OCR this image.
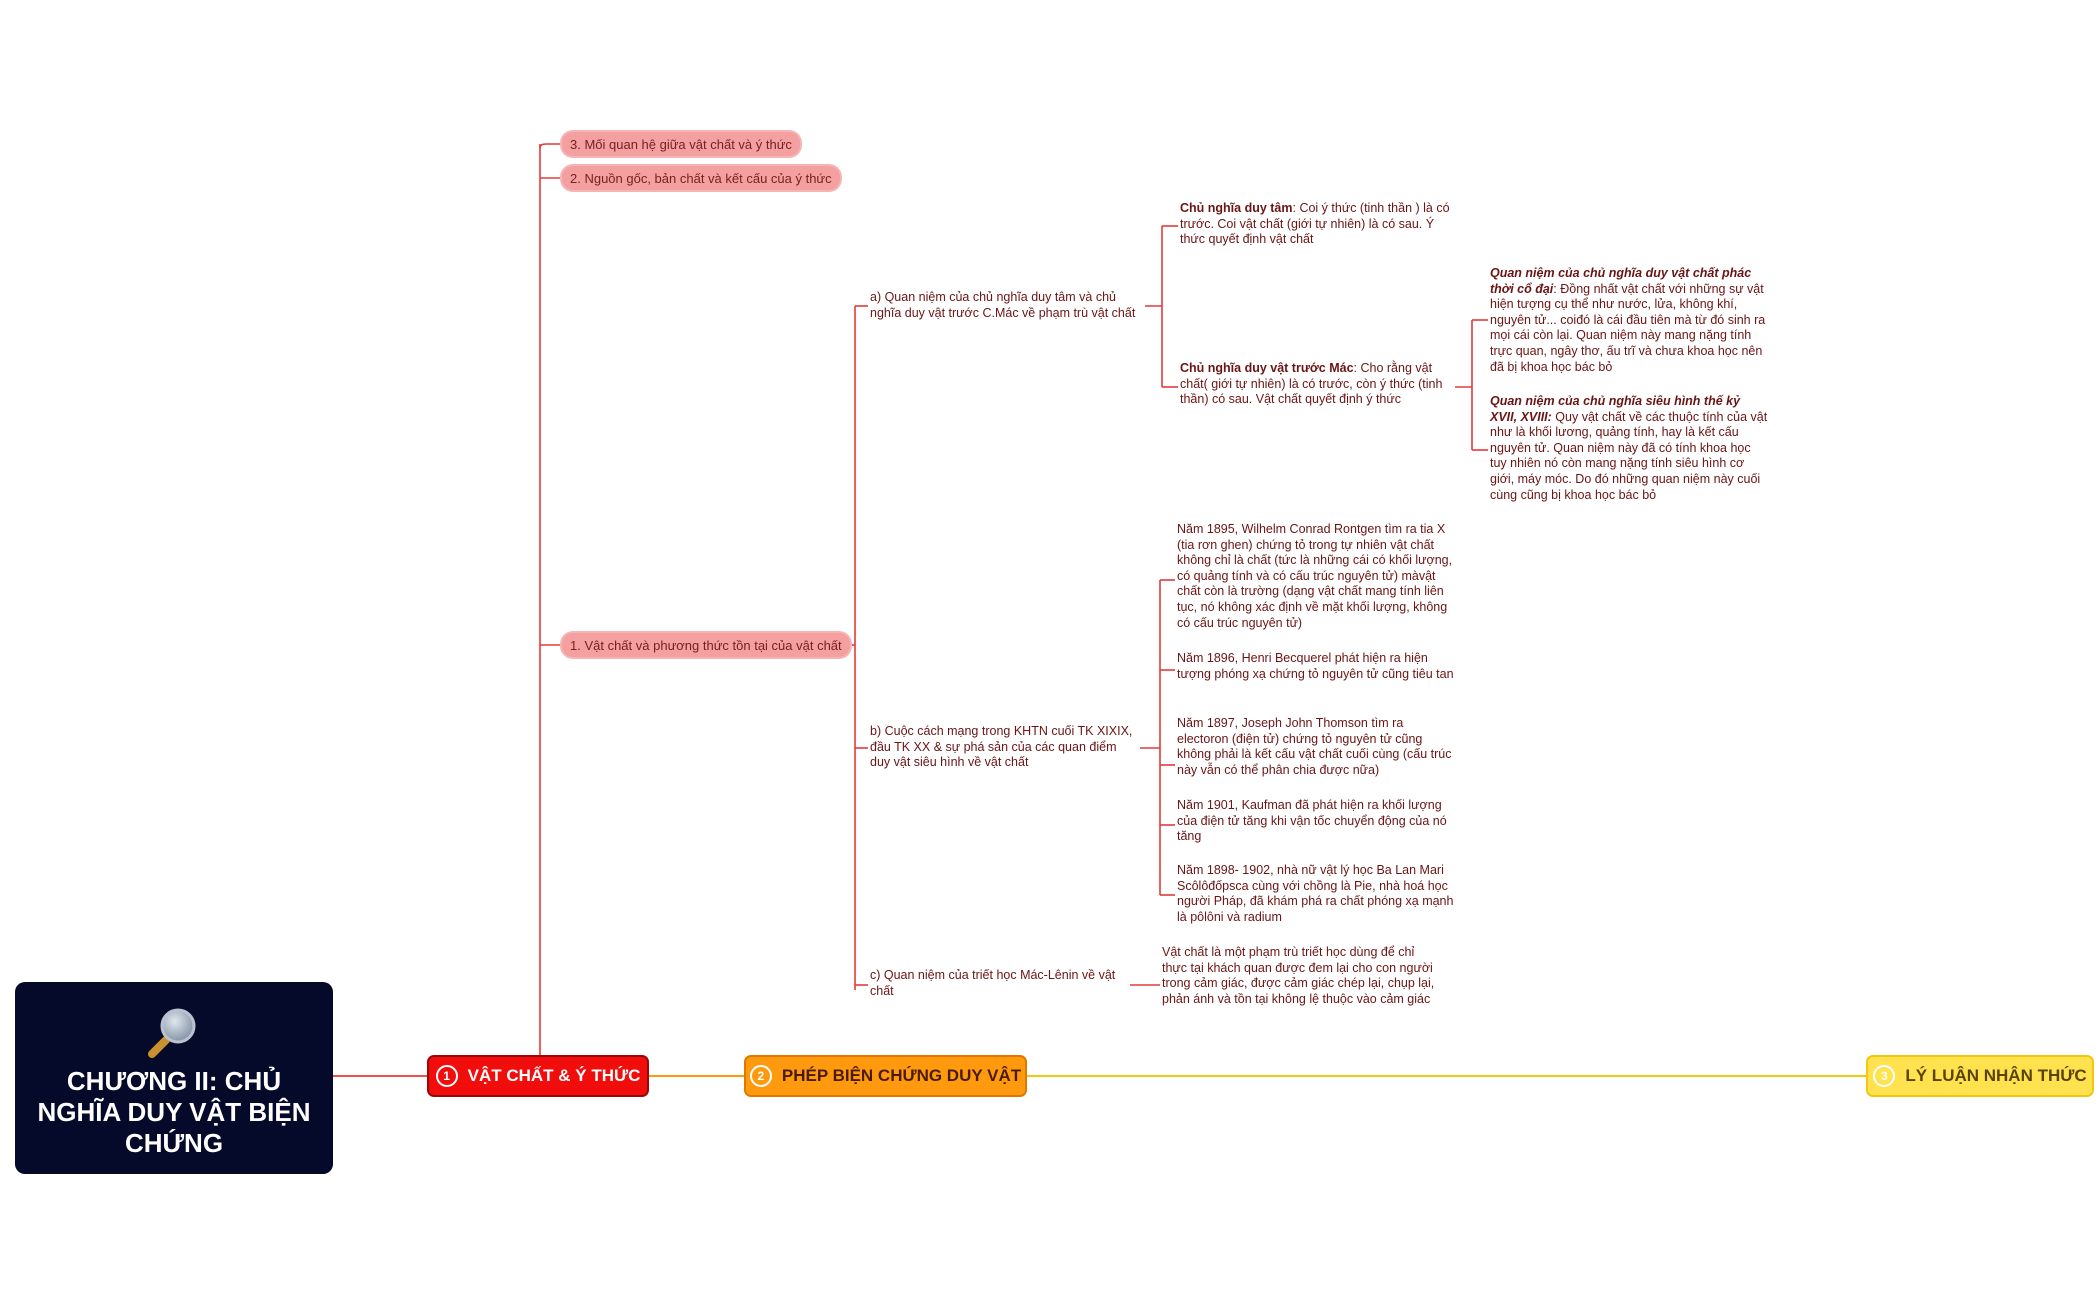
CHƯƠNG II: CHỦ NGHĨA DUY VẬT BIỆN CHỨNG
1	VẬT CHẤT & Ý THỨC	2	PHÉP BIỆN CHỨNG DUY VẬT	3	LÝ LUẬN NHẬN THỨC
3. Mối quan hệ giữa vật chất và ý thức
2. Nguồn gốc, bản chất và kết cấu của ý thức
1. Vật chất và phương thức tồn tại của vật chất
a) Quan niệm của chủ nghĩa duy tâm và chủ nghĩa duy vật trước C.Mác về phạm trù vật chất
b) Cuộc cách mạng trong KHTN cuối TK XIXIX, đầu TK XX & sự phá sản của các quan điểm duy vật siêu hình về vật chất
c) Quan niệm của triết học Mác-Lênin về vật chất
Chủ nghĩa duy tâm: Coi ý thức (tinh thần ) là có trước. Coi vật chất (giới tự nhiên) là có sau. Ý thức quyết định vật chất
Chủ nghĩa duy vật trước Mác: Cho rằng vật chất( giới tự nhiên) là có trước, còn ý thức (tinh thần) có sau. Vật chất quyết định ý thức
Quan niệm của chủ nghĩa duy vật chất phác thời cổ đại: Đồng nhất vật chất với những sự vật hiện tượng cụ thể như nước, lửa, không khí, nguyên tử... coiđó là cái đầu tiên mà từ đó sinh ra mọi cái còn lại. Quan niệm này mang nặng tính trực quan, ngây thơ, ấu trĩ và chưa khoa học nên đã bị khoa học bác bỏ
Quan niệm của chủ nghĩa siêu hình thế kỷ XVII, XVIII: Quy vật chất về các thuộc tính của vật như là khối lương, quảng tính, hay là kết cấu nguyên tử. Quan niệm này đã có tính khoa học tuy nhiên nó còn mang nặng tính siêu hình cơ giới, máy móc. Do đó những quan niệm này cuối cùng cũng bị khoa học bác bỏ
Năm 1895, Wilhelm Conrad Rontgen tìm ra tia X (tia rơn ghen) chứng tỏ trong tự nhiên vật chất không chỉ là chất (tức là những cái có khối lượng, có quảng tính và có cấu trúc nguyên tử) màvật chất còn là trường (dạng vật chất mang tính liên tục, nó không xác định về mặt khối lượng, không có cấu trúc nguyên tử)
Năm 1896, Henri Becquerel phát hiện ra hiện tượng phóng xạ chứng tỏ nguyên tử cũng tiêu tan
Năm 1897, Joseph John Thomson tìm ra electoron (điện tử) chứng tỏ nguyên tử cũng không phải là kết cấu vật chất cuối cùng (cấu trúc này vẫn có thể phân chia được nữa)
Năm 1901, Kaufman đã phát hiện ra khối lượng của điện tử tăng khi vận tốc chuyển động của nó tăng
Năm 1898- 1902, nhà nữ vật lý học Ba Lan Mari Scôlôđốpsca cùng với chồng là Pie, nhà hoá học người Pháp, đã khám phá ra chất phóng xạ mạnh là pôlôni và radium
Vật chất là một phạm trù triết học dùng để chỉ thực tại khách quan được đem lại cho con người trong cảm giác, được cảm giác chép lại, chụp lại, phản ánh và tồn tại không lệ thuộc vào cảm giác
